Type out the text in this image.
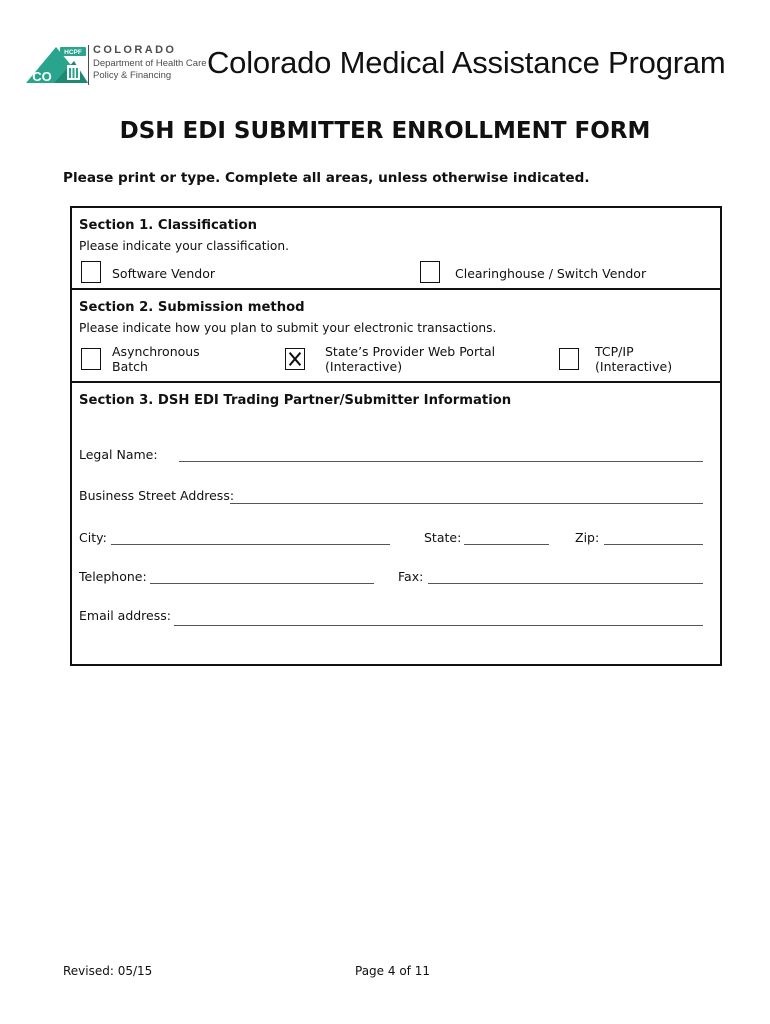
HCPF
CO
COLORADO
Department of Health Care
Policy & Financing Colorado Medical Assistance Program
DSH EDI SUBMITTER ENROLLMENT FORM
Please print or type. Complete all areas, unless otherwise indicated.
Section 1. Classification
Please indicate your classification.
Software Vendor	Clearinghouse / Switch Vendor
Section 2. Submission method
Please indicate how you plan to submit your electronic transactions.
Asynchronous
Batch
State’s Provider Web Portal
(Interactive)
TCP/IP
(Interactive)
Section 3. DSH EDI Trading Partner/Submitter Information
Legal Name:
Business Street Address:
City:	State:	Zip:
Telephone:	Fax:
Email address:
Revised: 05/15	Page 4 of 11
